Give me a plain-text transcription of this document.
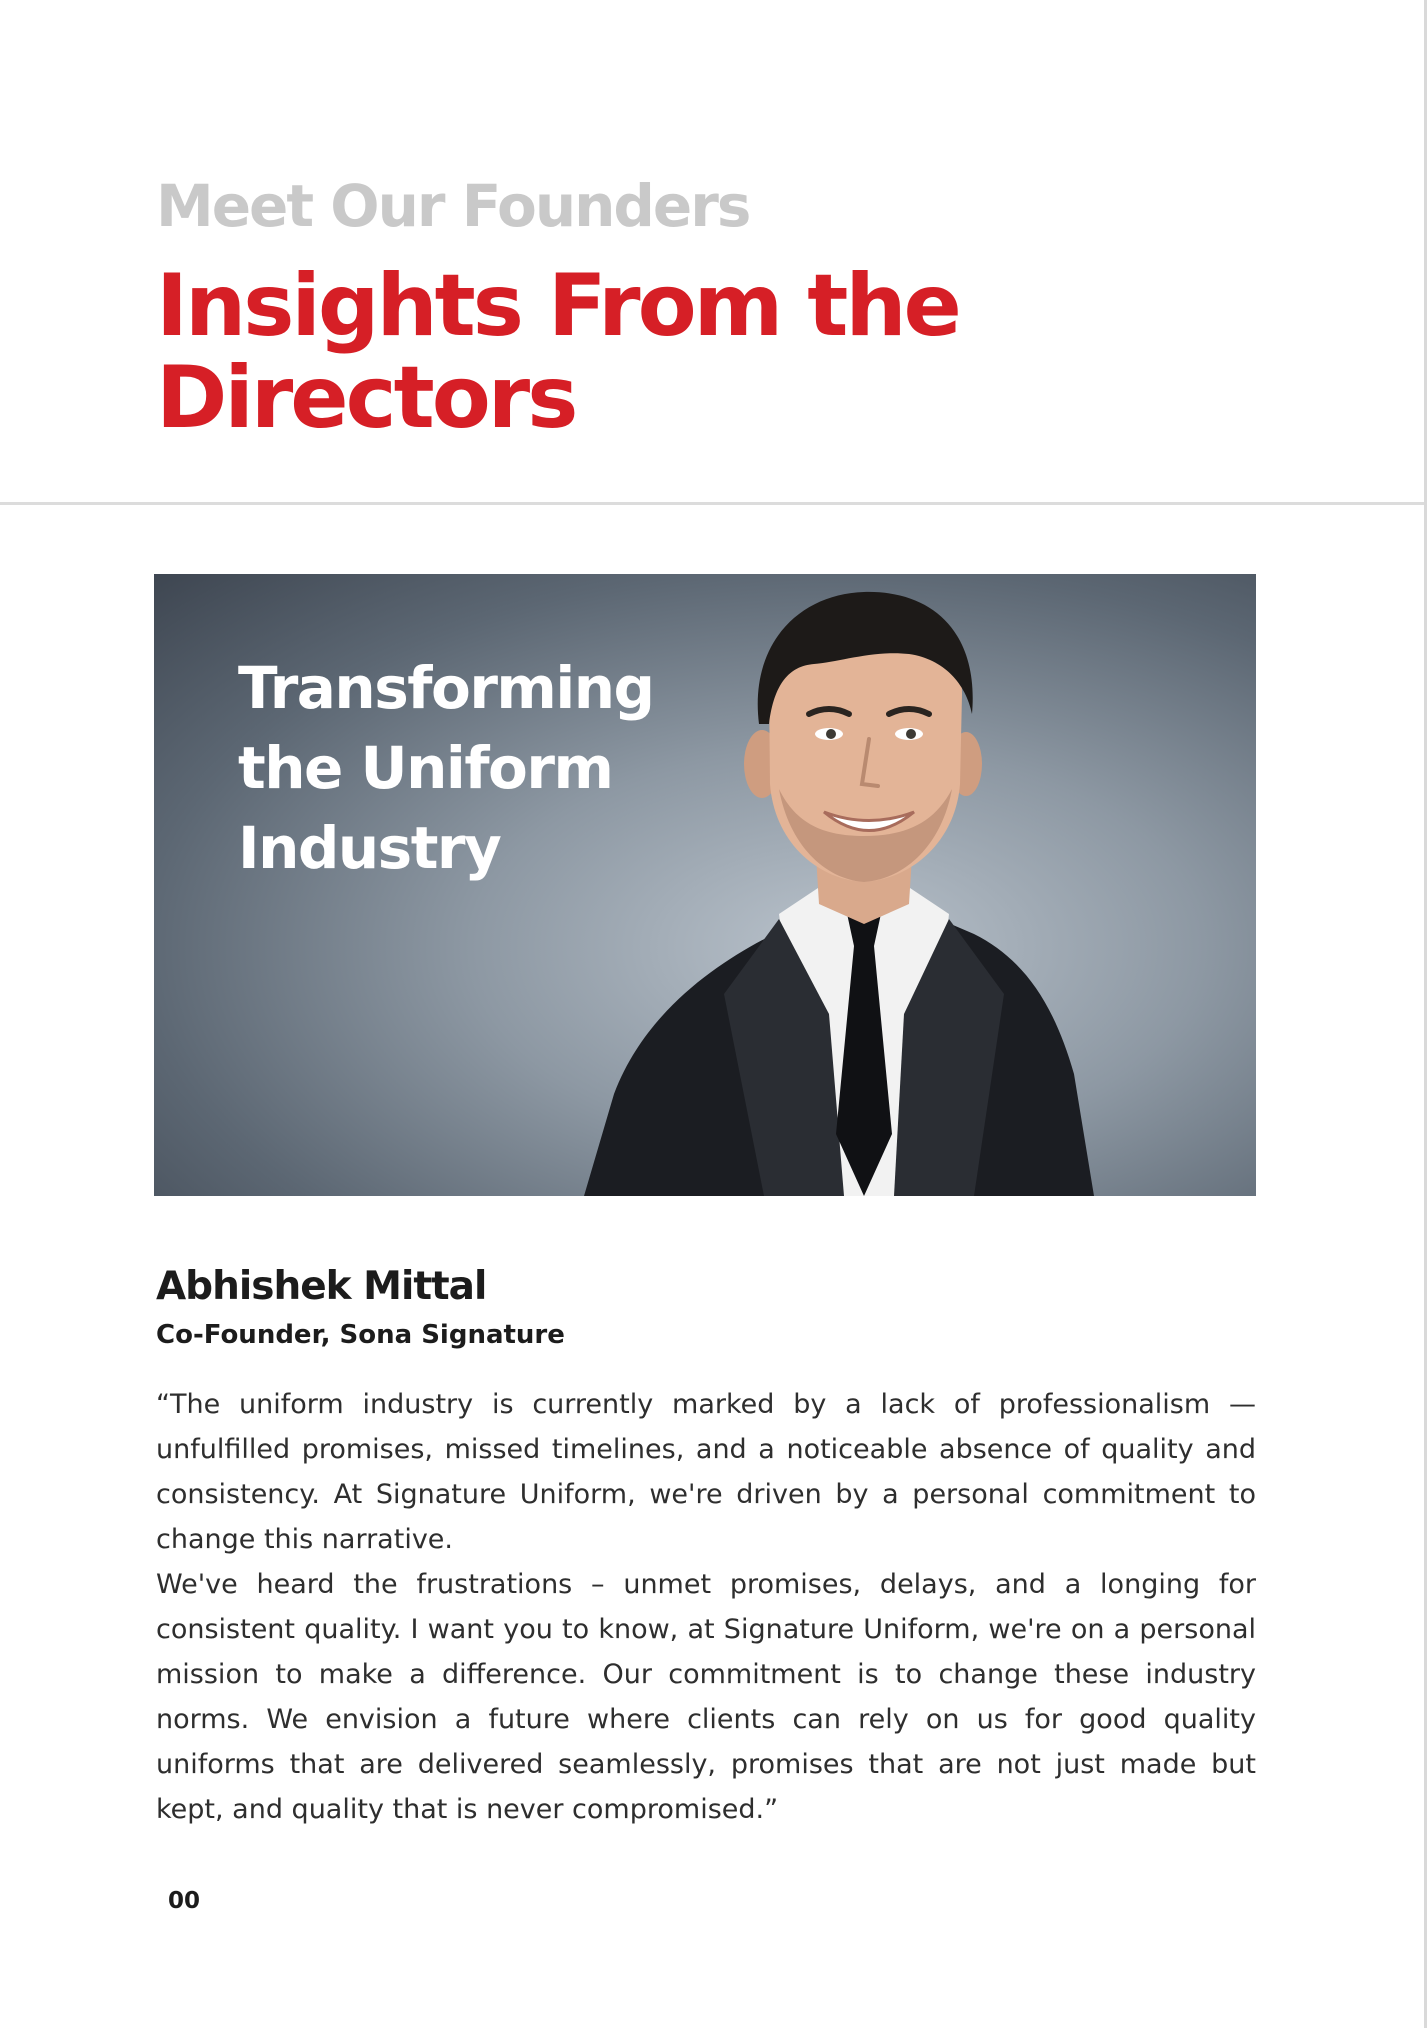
Meet Our Founders
Insights From the Directors
Transforming the Uniform Industry
Abhishek Mittal
Co-Founder, Sona Signature

“The uniform industry is currently marked by a lack of professionalism — unfulfilled promises, missed timelines, and a noticeable absence of quality and consistency. At Signature Uniform, we're driven by a personal commitment to change this narrative.

We've heard the frustrations – unmet promises, delays, and a longing for consistent quality. I want you to know, at Signature Uniform, we're on a personal mission to make a difference. Our commitment is to change these industry norms. We envision a future where clients can rely on us for good quality uniforms that are delivered seamlessly, promises that are not just made but kept, and quality that is never compromised.”

00
